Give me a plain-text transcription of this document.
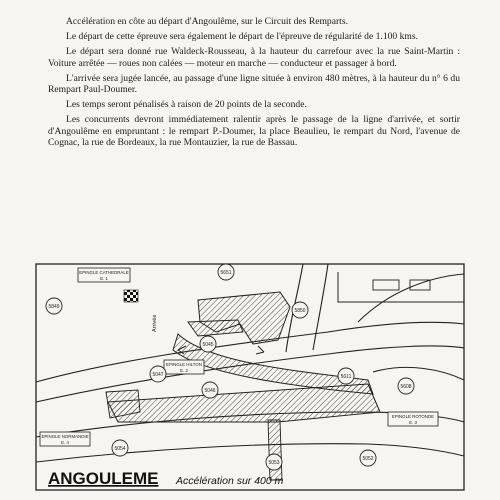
Accélération en côte au départ d'Angoulême, sur le Circuit des Remparts.

Le départ de cette épreuve sera également le départ de l'épreuve de régularité de 1.100 kms.

Le départ sera donné rue Waldeck-Rousseau, à la hauteur du carrefour avec la rue Saint-Martin : Voiture arrêtée — roues non calées — moteur en marche — conducteur et passager à bord.

L'arrivée sera jugée lancée, au passage d'une ligne située à environ 480 mètres, à la hauteur du n° 6 du Rempart Paul-Doumer.

Les temps seront pénalisés à raison de 20 points de la seconde.

Les concurrents devront immédiatement ralentir après le passage de la ligne d'arrivée, et sortir d'Angoulême en empruntant : le rempart P.-Doumer, la place Beaulieu, le rempart du Nord, l'avenue de Cognac, la rue de Bordeaux, la rue Montauzier, la rue de Bassau.

EPINGLE CATHEDRALE
E. 1
EPINGLE HILTON
E. 2
EPINGLE ROTONDE
E. 3
EPINGLE NORMANDIE
E. 4
Arrivée
5849
5651
5850
5045
5047
5046
5611
5608
5054
5053
5052
ANGOULEME Accélération sur 400 m
